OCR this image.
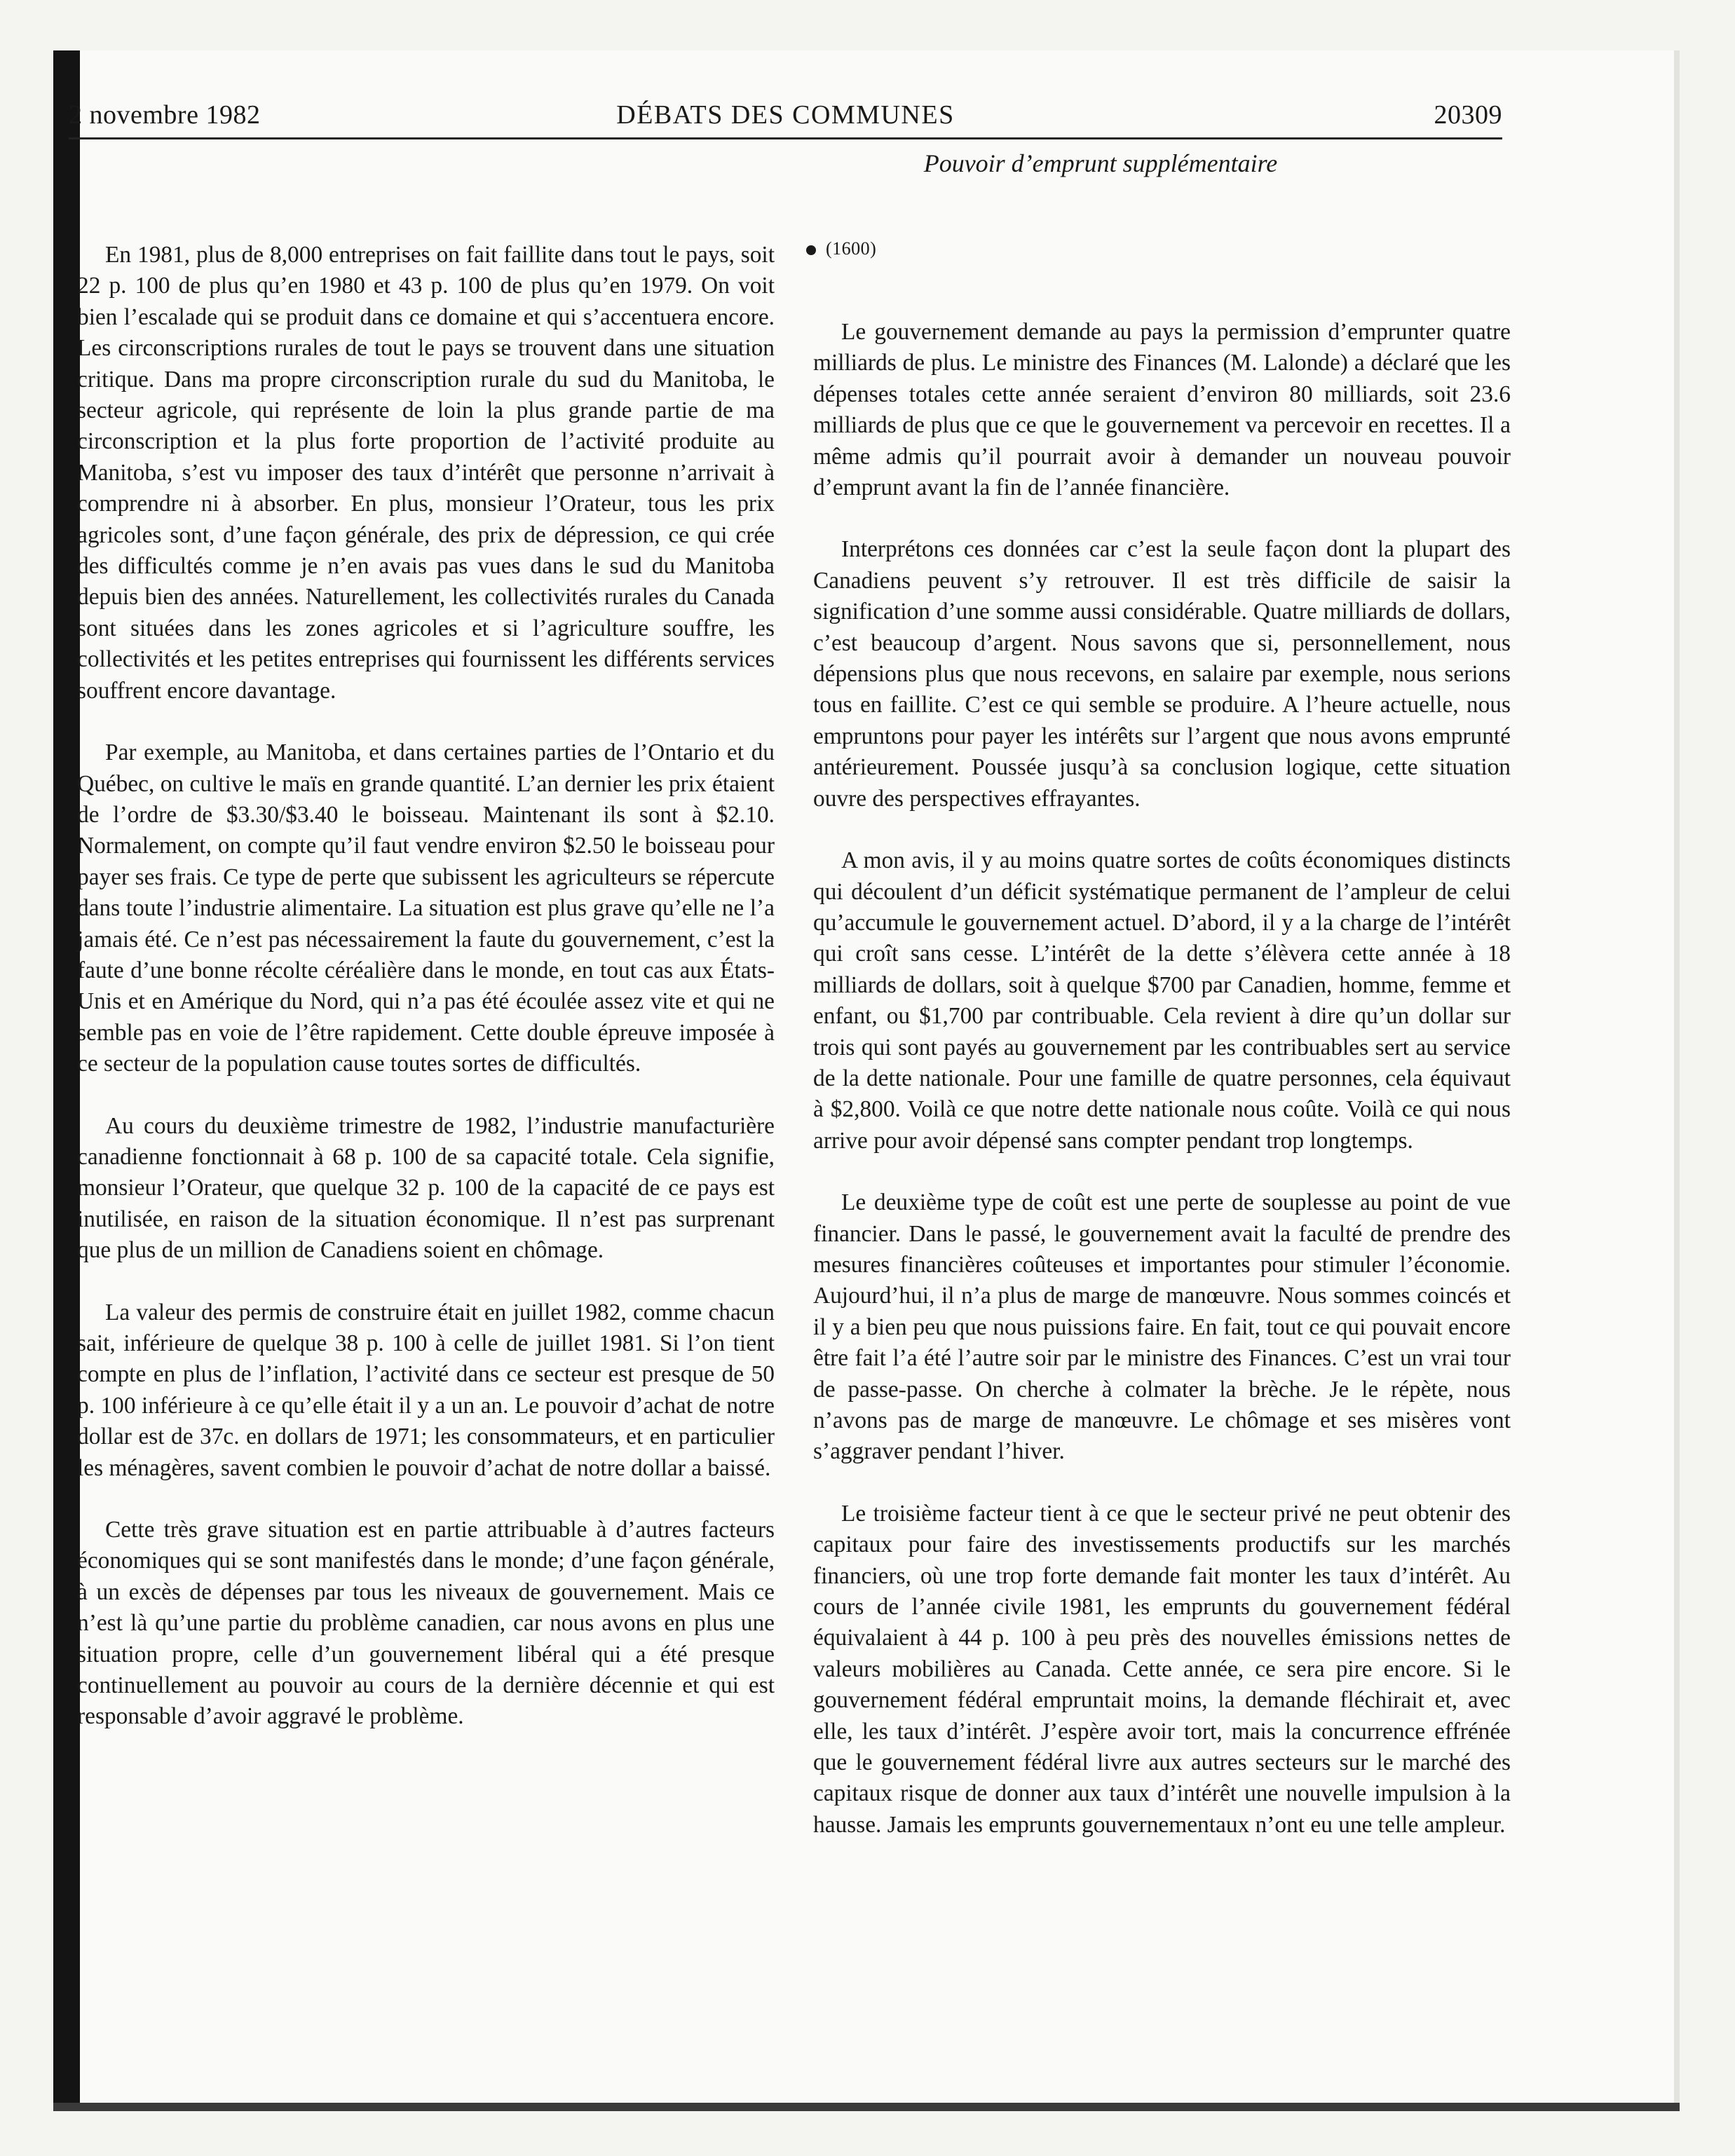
2 novembre 1982	DÉBATS DES COMMUNES	20309
Pouvoir d’emprunt supplémentaire

En 1981, plus de 8,000 entreprises on fait faillite dans tout le pays, soit 22 p. 100 de plus qu’en 1980 et 43 p. 100 de plus qu’en 1979. On voit bien l’escalade qui se produit dans ce domaine et qui s’accentuera encore. Les circonscriptions rurales de tout le pays se trouvent dans une situation critique. Dans ma propre circonscription rurale du sud du Manitoba, le secteur agricole, qui représente de loin la plus grande partie de ma circonscription et la plus forte proportion de l’activité produite au Manitoba, s’est vu imposer des taux d’intérêt que personne n’arrivait à comprendre ni à absorber. En plus, monsieur l’Orateur, tous les prix agricoles sont, d’une façon générale, des prix de dépression, ce qui crée des difficultés comme je n’en avais pas vues dans le sud du Manitoba depuis bien des années. Naturellement, les collectivités rurales du Canada sont situées dans les zones agricoles et si l’agriculture souffre, les collectivités et les petites entreprises qui fournissent les différents services souffrent encore davantage.

Par exemple, au Manitoba, et dans certaines parties de l’Ontario et du Québec, on cultive le maïs en grande quantité. L’an dernier les prix étaient de l’ordre de $3.30/$3.40 le boisseau. Maintenant ils sont à $2.10. Normalement, on compte qu’il faut vendre environ $2.50 le boisseau pour payer ses frais. Ce type de perte que subissent les agriculteurs se répercute dans toute l’industrie alimentaire. La situation est plus grave qu’elle ne l’a jamais été. Ce n’est pas nécessairement la faute du gouvernement, c’est la faute d’une bonne récolte céréalière dans le monde, en tout cas aux États-Unis et en Amérique du Nord, qui n’a pas été écoulée assez vite et qui ne semble pas en voie de l’être rapidement. Cette double épreuve imposée à ce secteur de la population cause toutes sortes de difficultés.

Au cours du deuxième trimestre de 1982, l’industrie manufacturière canadienne fonctionnait à 68 p. 100 de sa capacité totale. Cela signifie, monsieur l’Orateur, que quelque 32 p. 100 de la capacité de ce pays est inutilisée, en raison de la situation économique. Il n’est pas surprenant que plus de un million de Canadiens soient en chômage.

La valeur des permis de construire était en juillet 1982, comme chacun sait, inférieure de quelque 38 p. 100 à celle de juillet 1981. Si l’on tient compte en plus de l’inflation, l’activité dans ce secteur est presque de 50 p. 100 inférieure à ce qu’elle était il y a un an. Le pouvoir d’achat de notre dollar est de 37c. en dollars de 1971; les consommateurs, et en particulier les ménagères, savent combien le pouvoir d’achat de notre dollar a baissé.

Cette très grave situation est en partie attribuable à d’autres facteurs économiques qui se sont manifestés dans le monde; d’une façon générale, à un excès de dépenses par tous les niveaux de gouvernement. Mais ce n’est là qu’une partie du problème canadien, car nous avons en plus une situation propre, celle d’un gouvernement libéral qui a été presque continuellement au pouvoir au cours de la dernière décennie et qui est responsable d’avoir aggravé le problème.

(1600)

Le gouvernement demande au pays la permission d’emprunter quatre milliards de plus. Le ministre des Finances (M. Lalonde) a déclaré que les dépenses totales cette année seraient d’environ 80 milliards, soit 23.6 milliards de plus que ce que le gouvernement va percevoir en recettes. Il a même admis qu’il pourrait avoir à demander un nouveau pouvoir d’emprunt avant la fin de l’année financière.

Interprétons ces données car c’est la seule façon dont la plupart des Canadiens peuvent s’y retrouver. Il est très difficile de saisir la signification d’une somme aussi considérable. Quatre milliards de dollars, c’est beaucoup d’argent. Nous savons que si, personnellement, nous dépensions plus que nous recevons, en salaire par exemple, nous serions tous en faillite. C’est ce qui semble se produire. A l’heure actuelle, nous empruntons pour payer les intérêts sur l’argent que nous avons emprunté antérieurement. Poussée jusqu’à sa conclusion logique, cette situation ouvre des perspectives effrayantes.

A mon avis, il y au moins quatre sortes de coûts économiques distincts qui découlent d’un déficit systématique permanent de l’ampleur de celui qu’accumule le gouvernement actuel. D’abord, il y a la charge de l’intérêt qui croît sans cesse. L’intérêt de la dette s’élèvera cette année à 18 milliards de dollars, soit à quelque $700 par Canadien, homme, femme et enfant, ou $1,700 par contribuable. Cela revient à dire qu’un dollar sur trois qui sont payés au gouvernement par les contribuables sert au service de la dette nationale. Pour une famille de quatre personnes, cela équivaut à $2,800. Voilà ce que notre dette nationale nous coûte. Voilà ce qui nous arrive pour avoir dépensé sans compter pendant trop longtemps.

Le deuxième type de coût est une perte de souplesse au point de vue financier. Dans le passé, le gouvernement avait la faculté de prendre des mesures financières coûteuses et importantes pour stimuler l’économie. Aujourd’hui, il n’a plus de marge de manœuvre. Nous sommes coincés et il y a bien peu que nous puissions faire. En fait, tout ce qui pouvait encore être fait l’a été l’autre soir par le ministre des Finances. C’est un vrai tour de passe-passe. On cherche à colmater la brèche. Je le répète, nous n’avons pas de marge de manœuvre. Le chômage et ses misères vont s’aggraver pendant l’hiver.

Le troisième facteur tient à ce que le secteur privé ne peut obtenir des capitaux pour faire des investissements productifs sur les marchés financiers, où une trop forte demande fait monter les taux d’intérêt. Au cours de l’année civile 1981, les emprunts du gouvernement fédéral équivalaient à 44 p. 100 à peu près des nouvelles émissions nettes de valeurs mobilières au Canada. Cette année, ce sera pire encore. Si le gouvernement fédéral empruntait moins, la demande fléchirait et, avec elle, les taux d’intérêt. J’espère avoir tort, mais la concurrence effrénée que le gouvernement fédéral livre aux autres secteurs sur le marché des capitaux risque de donner aux taux d’intérêt une nouvelle impulsion à la hausse. Jamais les emprunts gouvernementaux n’ont eu une telle ampleur.
